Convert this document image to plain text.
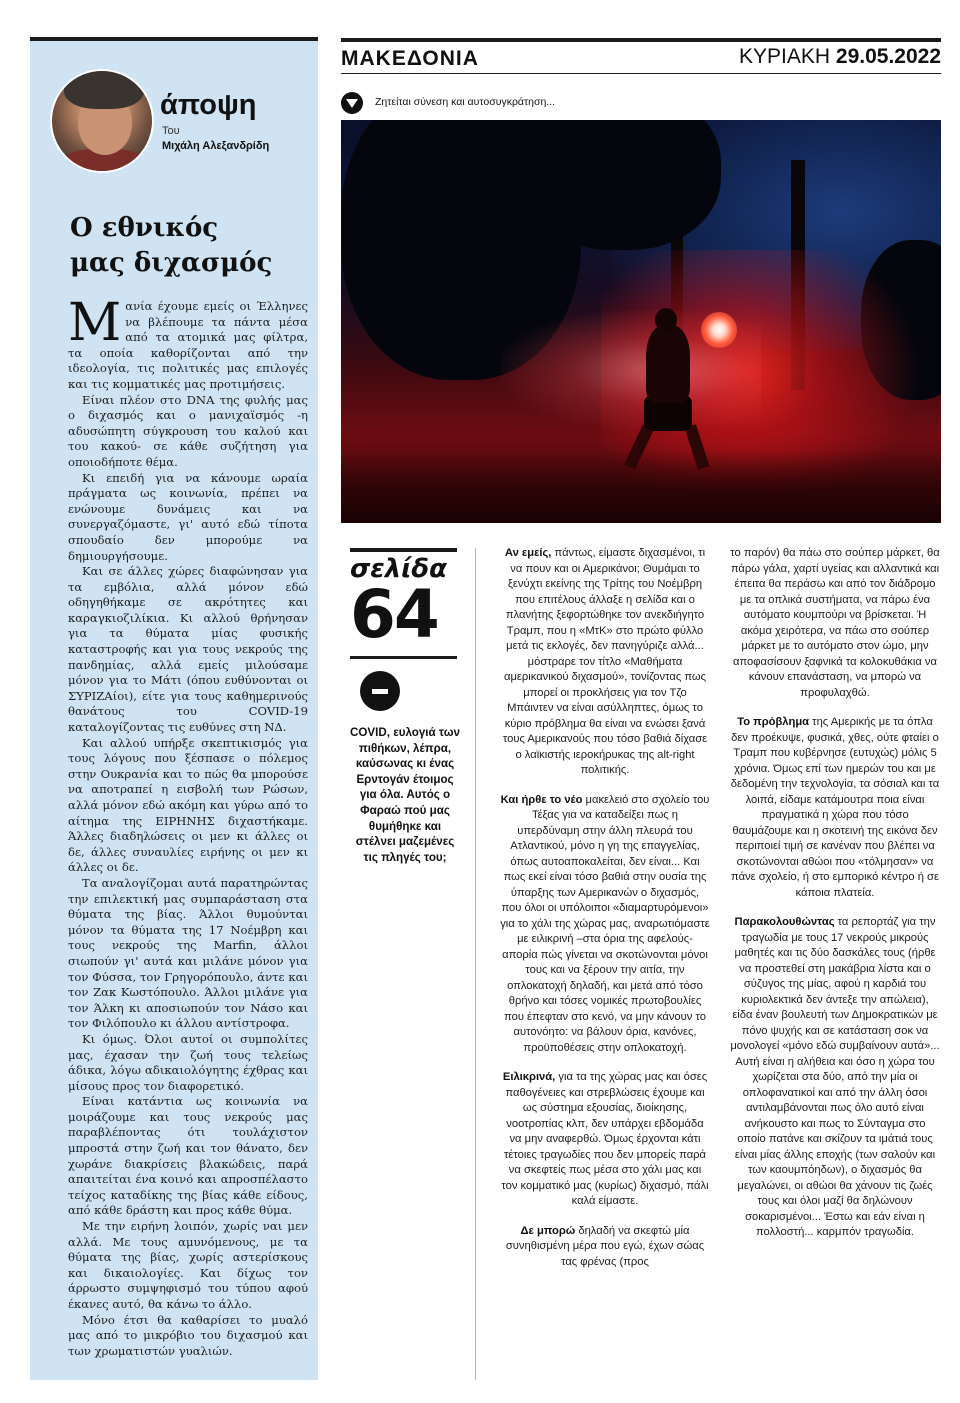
άποψη
Του
Μιχάλη Αλεξανδρίδη
Ο εθνικός
μας διχασμός

Mανία έχουμε εμείς οι Έλληνες να βλέπουμε τα πάντα μέσα από τα ατομικά μας φίλτρα, τα οποία καθορίζονται από την ιδεολογία, τις πολιτικές μας επιλογές και τις κομματικές μας προτιμήσεις.

Είναι πλέον στο DNA της φυλής μας ο διχασμός και ο μανιχαϊσμός -η αδυσώπητη σύγκρουση του καλού και του κακού- σε κάθε συζήτηση για οποιοδήποτε θέμα.

Κι επειδή για να κάνουμε ωραία πράγματα ως κοινωνία, πρέπει να ενώνουμε δυνάμεις και να συνεργαζόμαστε, γι' αυτό εδώ τίποτα σπουδαίο δεν μπορούμε να δημιουργήσουμε.

Και σε άλλες χώρες διαφώνησαν για τα εμβόλια, αλλά μόνον εδώ οδηγηθήκαμε σε ακρότητες και καραγκιοζιλίκια. Κι αλλού θρήνησαν για τα θύματα μίας φυσικής καταστροφής και για τους νεκρούς της πανδημίας, αλλά εμείς μιλούσαμε μόνον για το Μάτι (όπου ευθύνονται οι ΣΥΡΙΖΑίοι), είτε για τους καθημερινούς θανάτους του COVID-19 καταλογίζοντας τις ευθύνες στη ΝΔ.

Και αλλού υπήρξε σκεπτικισμός για τους λόγους που ξέσπασε ο πόλεμος στην Ουκρανία και το πώς θα μπορούσε να αποτραπεί η εισβολή των Ρώσων, αλλά μόνον εδώ ακόμη και γύρω από το αίτημα της ΕΙΡΗΝΗΣ διχαστήκαμε. Άλλες διαδηλώσεις οι μεν κι άλλες οι δε, άλλες συναυλίες ειρήνης οι μεν κι άλλες οι δε.

Τα αναλογίζομαι αυτά παρατηρώντας την επιλεκτική μας συμπαράσταση στα θύματα της βίας. Άλλοι θυμούνται μόνον τα θύματα της 17 Νοέμβρη και τους νεκρούς της Marfin, άλλοι σιωπούν γι' αυτά και μιλάνε μόνον για τον Φύσσα, τον Γρηγορόπουλο, άντε και τον Ζακ Κωστόπουλο. Άλλοι μιλάνε για τον Άλκη κι αποσιωπούν τον Νάσο και τον Φιλόπουλο κι άλλου αντίστροφα.

Κι όμως. Όλοι αυτοί οι συμπολίτες μας, έχασαν την ζωή τους τελείως άδικα, λόγω αδικαιολόγητης έχθρας και μίσους προς τον διαφορετικό.

Είναι κατάντια ως κοινωνία να μοιράζουμε και τους νεκρούς μας παραβλέποντας ότι τουλάχιστον μπροστά στην ζωή και τον θάνατο, δεν χωράνε διακρίσεις βλακώδεις, παρά απαιτείται ένα κοινό και απροσπέλαστο τείχος καταδίκης της βίας κάθε είδους, από κάθε δράστη και προς κάθε θύμα.

Με την ειρήνη λοιπόν, χωρίς ναι μεν αλλά. Με τους αμυνόμενους, με τα θύματα της βίας, χωρίς αστερίσκους και δικαιολογίες. Και δίχως τον άρρωστο συμψηφισμό του τύπου αφού έκανες αυτό, θα κάνω το άλλο.

Μόνο έτσι θα καθαρίσει το μυαλό μας από το μικρόβιο του διχασμού και των χρωματιστών γυαλιών.

ΜΑΚΕΔΟΝΙΑ	ΚΥΡΙΑΚΗ 29.05.2022
Ζητείται σύνεση και αυτοσυγκράτηση...
σελίδα
64
COVID, ευλογιά των πιθήκων, λέπρα, καύσωνας κι ένας Ερντογάν έτοιμος για όλα. Αυτός ο Φαραώ πού μας θυμήθηκε και στέλνει μαζεμένες τις πληγές του;

Αν εμείς, πάντως, είμαστε διχασμένοι, τι να πουν και οι Αμερικάνοι; Θυμάμαι το ξενύχτι εκείνης της Τρίτης του Νοέμβρη που επιτέλους άλλαξε η σελίδα και ο πλανήτης ξεφορτώθηκε τον ανεκδιήγητο Τραμπ, που η «ΜτΚ» στο πρώτο φύλλο μετά τις εκλογές, δεν πανηγύριζε αλλά... μόστραρε τον τίτλο «Μαθήματα αμερικανικού διχασμού», τονίζοντας πως μπορεί οι προκλήσεις για τον Τζο Μπάιντεν να είναι ασύλληπτες, όμως το κύριο πρόβλημα θα είναι να ενώσει ξανά τους Αμερικανούς που τόσο βαθιά δίχασε ο λαϊκιστής ιεροκήρυκας της alt-right πολιτικής.

Και ήρθε το νέο μακελειό στο σχολείο του Τέξας για να καταδείξει πως η υπερδύναμη στην άλλη πλευρά του Ατλαντικού, μόνο η γη της επαγγελίας, όπως αυτοαποκαλείται, δεν είναι... Και πως εκεί είναι τόσο βαθιά στην ουσία της ύπαρξης των Αμερικανών ο διχασμός, που όλοι οι υπόλοιποι «διαμαρτυρόμενοι» για το χάλι της χώρας μας, αναρωτιόμαστε με ειλικρινή –στα όρια της αφελούς- απορία πώς γίνεται να σκοτώνονται μόνοι τους και να ξέρουν την αιτία, την οπλοκατοχή δηλαδή, και μετά από τόσο θρήνο και τόσες νομικές πρωτοβουλίες που έπεφταν στο κενό, να μην κάνουν το αυτονόητο: να βάλουν όρια, κανόνες, προϋποθέσεις στην οπλοκατοχή.

Ειλικρινά, για τα της χώρας μας και όσες παθογένειες και στρεβλώσεις έχουμε και ως σύστημα εξουσίας, διοίκησης, νοοτροπίας κλπ, δεν υπάρχει εβδομάδα να μην αναφερθώ. Όμως έρχονται κάτι τέτοιες τραγωδίες που δεν μπορείς παρά να σκεφτείς πως μέσα στο χάλι μας και τον κομματικό μας (κυρίως) διχασμό, πάλι καλά είμαστε.

Δε μπορώ δηλαδή να σκεφτώ μία συνηθισμένη μέρα που εγώ, έχων σώας τας φρένας (προς

το παρόν) θα πάω στο σούπερ μάρκετ, θα πάρω γάλα, χαρτί υγείας και αλλαντικά και έπειτα θα περάσω και από τον διάδρομο με τα οπλικά συστήματα, να πάρω ένα αυτόματο κουμπούρι να βρίσκεται. Ή ακόμα χειρότερα, να πάω στο σούπερ μάρκετ με το αυτόματο στον ώμο, μην αποφασίσουν ξαφνικά τα κολοκυθάκια να κάνουν επανάσταση, να μπορώ να προφυλαχθώ.

Το πρόβλημα της Αμερικής με τα όπλα δεν προέκυψε, φυσικά, χθες, ούτε φταίει ο Τραμπ που κυβέρνησε (ευτυχώς) μόλις 5 χρόνια. Όμως επί των ημερών του και με δεδομένη την τεχνολογία, τα σόσιαλ και τα λοιπά, είδαμε κατάμουτρα ποια είναι πραγματικά η χώρα που τόσο θαυμάζουμε και η σκοτεινή της εικόνα δεν περιποιεί τιμή σε κανέναν που βλέπει να σκοτώνονται αθώοι που «τόλμησαν» να πάνε σχολείο, ή στο εμπορικό κέντρο ή σε κάποια πλατεία.

Παρακολουθώντας τα ρεπορτάζ για την τραγωδία με τους 17 νεκρούς μικρούς μαθητές και τις δύο δασκάλες τους (ήρθε να προστεθεί στη μακάβρια λίστα και ο σύζυγος της μίας, αφού η καρδιά του κυριολεκτικά δεν άντεξε την απώλεια), είδα έναν βουλευτή των Δημοκρατικών με πόνο ψυχής και σε κατάσταση σοκ να μονολογεί «μόνο εδώ συμβαίνουν αυτά»... Αυτή είναι η αλήθεια και όσο η χώρα του χωρίζεται στα δύο, από την μία οι οπλοφανατικοί και από την άλλη όσοι αντιλαμβάνονται πως όλο αυτό είναι ανήκουστο και πως το Σύνταγμα στο οποίο πατάνε και σκίζουν τα ιμάτιά τους είναι μίας άλλης εποχής (των σαλούν και των καουμπόηδων), ο διχασμός θα μεγαλώνει, οι αθώοι θα χάνουν τις ζωές τους και όλοι μαζί θα δηλώνουν σοκαρισμένοι... Έστω και εάν είναι η πολλοστή... καρμπόν τραγωδία.
